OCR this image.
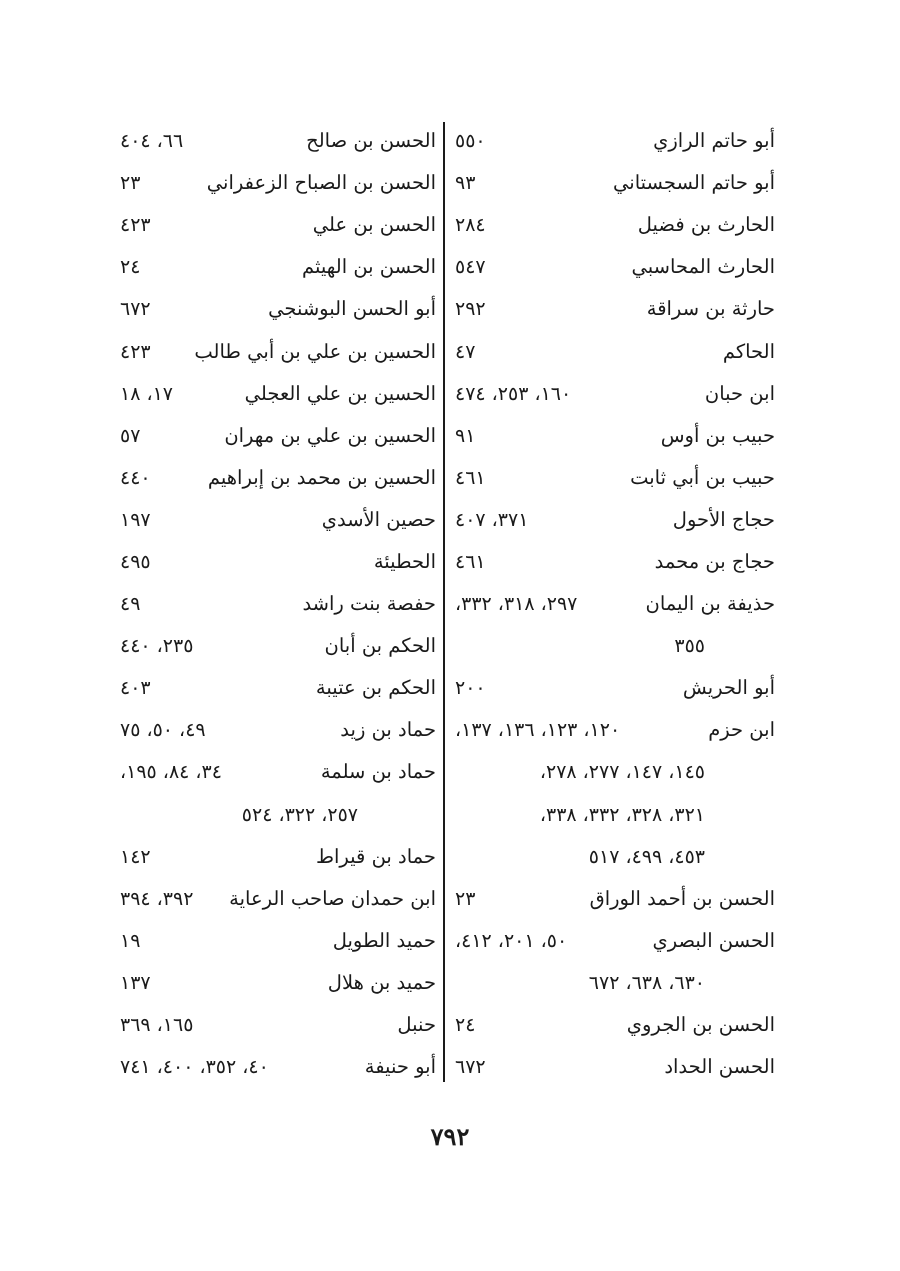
أبو حاتم الرازي
٥٥٠
أبو حاتم السجستاني
٩٣
الحارث بن فضيل
٢٨٤
الحارث المحاسبي
٥٤٧
حارثة بن سراقة
٢٩٢
الحاكم
٤٧
ابن حبان
١٦٠، ٢٥٣، ٤٧٤
حبيب بن أوس
٩١
حبيب بن أبي ثابت
٤٦١
حجاج الأحول
٣٧١، ٤٠٧
حجاج بن محمد
٤٦١
حذيفة بن اليمان
٢٩٧، ٣١٨، ٣٣٢،
٣٥٥
أبو الحريش
٢٠٠
ابن حزم
١٢٠، ١٢٣، ١٣٦، ١٣٧،
١٤٥، ١٤٧، ٢٧٧، ٢٧٨،
٣٢١، ٣٢٨، ٣٣٢، ٣٣٨،
٤٥٣، ٤٩٩، ٥١٧
الحسن بن أحمد الوراق
٢٣
الحسن البصري
٥٠، ٢٠١، ٤١٢،
٦٣٠، ٦٣٨، ٦٧٢
الحسن بن الجروي
٢٤
الحسن الحداد
٦٧٢
الحسن بن صالح
٦٦، ٤٠٤
الحسن بن الصباح الزعفراني
٢٣
الحسن بن علي
٤٢٣
الحسن بن الهيثم
٢٤
أبو الحسن البوشنجي
٦٧٢
الحسين بن علي بن أبي طالب
٤٢٣
الحسين بن علي العجلي
١٧، ١٨
الحسين بن علي بن مهران
٥٧
الحسين بن محمد بن إبراهيم
٤٤٠
حصين الأسدي
١٩٧
الحطيئة
٤٩٥
حفصة بنت راشد
٤٩
الحكم بن أبان
٢٣٥، ٤٤٠
الحكم بن عتيبة
٤٠٣
حماد بن زيد
٤٩، ٥٠، ٧٥
حماد بن سلمة
٣٤، ٨٤، ١٩٥،
٢٥٧، ٣٢٢، ٥٢٤
حماد بن قيراط
١٤٢
ابن حمدان صاحب الرعاية
٣٩٢، ٣٩٤
حميد الطويل
١٩
حميد بن هلال
١٣٧
حنبل
١٦٥، ٣٦٩
أبو حنيفة
٤٠، ٣٥٢، ٤٠٠، ٧٤١
٧٩٢
